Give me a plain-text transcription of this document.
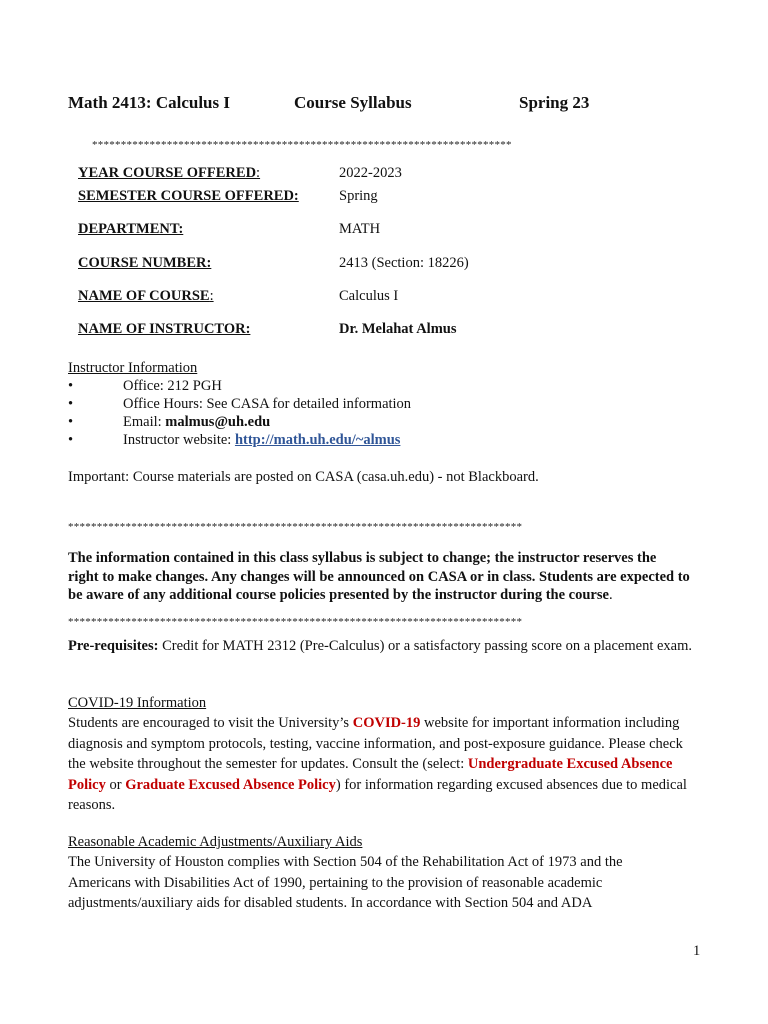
Math 2413: Calculus I	Course Syllabus	Spring 23
*************************************************************************
YEAR COURSE OFFERED:	2022-2023
SEMESTER COURSE OFFERED:	Spring
DEPARTMENT:	MATH
COURSE NUMBER:	2413 (Section: 18226)
NAME OF COURSE:	Calculus I
NAME OF INSTRUCTOR:	Dr. Melahat Almus
Instructor Information
•	Office: 212 PGH
•	Office Hours: See CASA for detailed information
•	Email: malmus@uh.edu
•	Instructor website: http://math.uh.edu/~almus
Important: Course materials are posted on CASA (casa.uh.edu) - not Blackboard.
*******************************************************************************
The information contained in this class syllabus is subject to change; the instructor reserves the
right to make changes. Any changes will be announced on CASA or in class. Students are expected to
be aware of any additional course policies presented by the instructor during the course.
*******************************************************************************
Pre-requisites: Credit for MATH 2312 (Pre-Calculus) or a satisfactory passing score on a placement exam.
COVID-19 Information
Students are encouraged to visit the University’s COVID-19 website for important information including diagnosis and symptom protocols, testing, vaccine information, and post-exposure guidance. Please check the website throughout the semester for updates. Consult the (select: Undergraduate Excused Absence Policy or Graduate Excused Absence Policy) for information regarding excused absences due to medical reasons.
Reasonable Academic Adjustments/Auxiliary Aids
The University of Houston complies with Section 504 of the Rehabilitation Act of 1973 and the Americans with Disabilities Act of 1990, pertaining to the provision of reasonable academic adjustments/auxiliary aids for disabled students. In accordance with Section 504 and ADA
1
